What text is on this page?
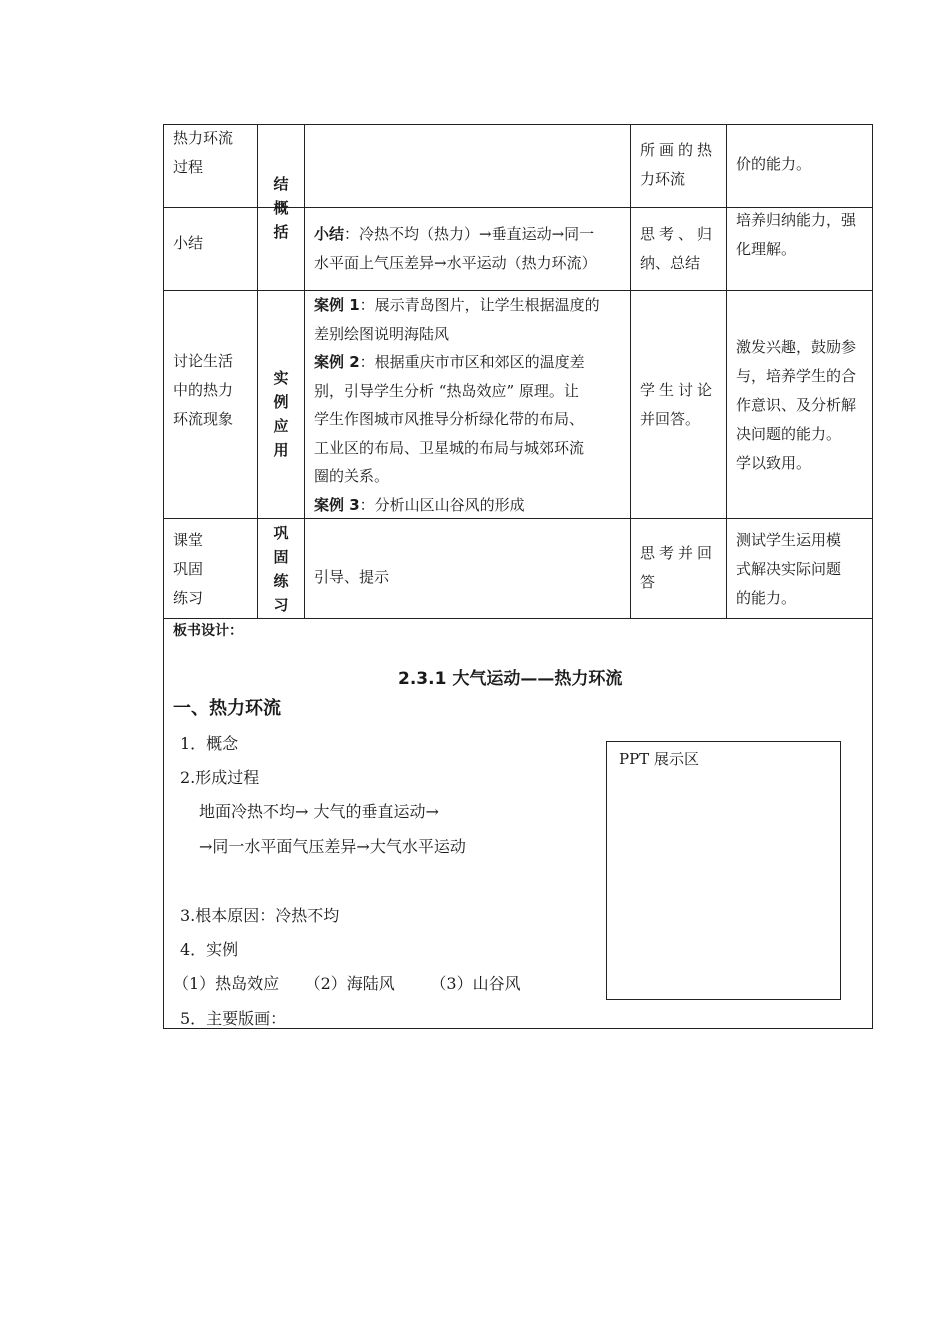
热力环流
过程
所画的热
力环流
价的能力。
结
概
括
小结	小结：冷热不均（热力）→垂直运动→同一
水平面上气压差异→水平运动（热力环流）
思考、归
纳、总结
培养归纳能力，强
化理解。
讨论生活
中的热力
环流现象
实
例
应
用
案例 1：展示青岛图片，让学生根据温度的
差别绘图说明海陆风
案例 2：根据重庆市市区和郊区的温度差
别，引导学生分析 “热岛效应” 原理。让
学生作图城市风推导分析绿化带的布局、
工业区的布局、卫星城的布局与城郊环流
圈的关系。
案例 3：分析山区山谷风的形成
学生讨论
并回答。
激发兴趣，鼓励参
与，培养学生的合
作意识、及分析解
决问题的能力。
学以致用。
课堂
巩固
练习
巩
固
练
习
引导、提示
思考并回
答
测试学生运用模
式解决实际问题
的能力。
板书设计：
2.3.1 大气运动——热力环流
一、热力环流
1．概念
2.形成过程
地面冷热不均→ 大气的垂直运动→
→同一水平面气压差异→大气水平运动
3.根本原因：冷热不均
4．实例
（1）热岛效应     （2）海陆风       （3）山谷风
5．主要版画：
PPT 展示区
